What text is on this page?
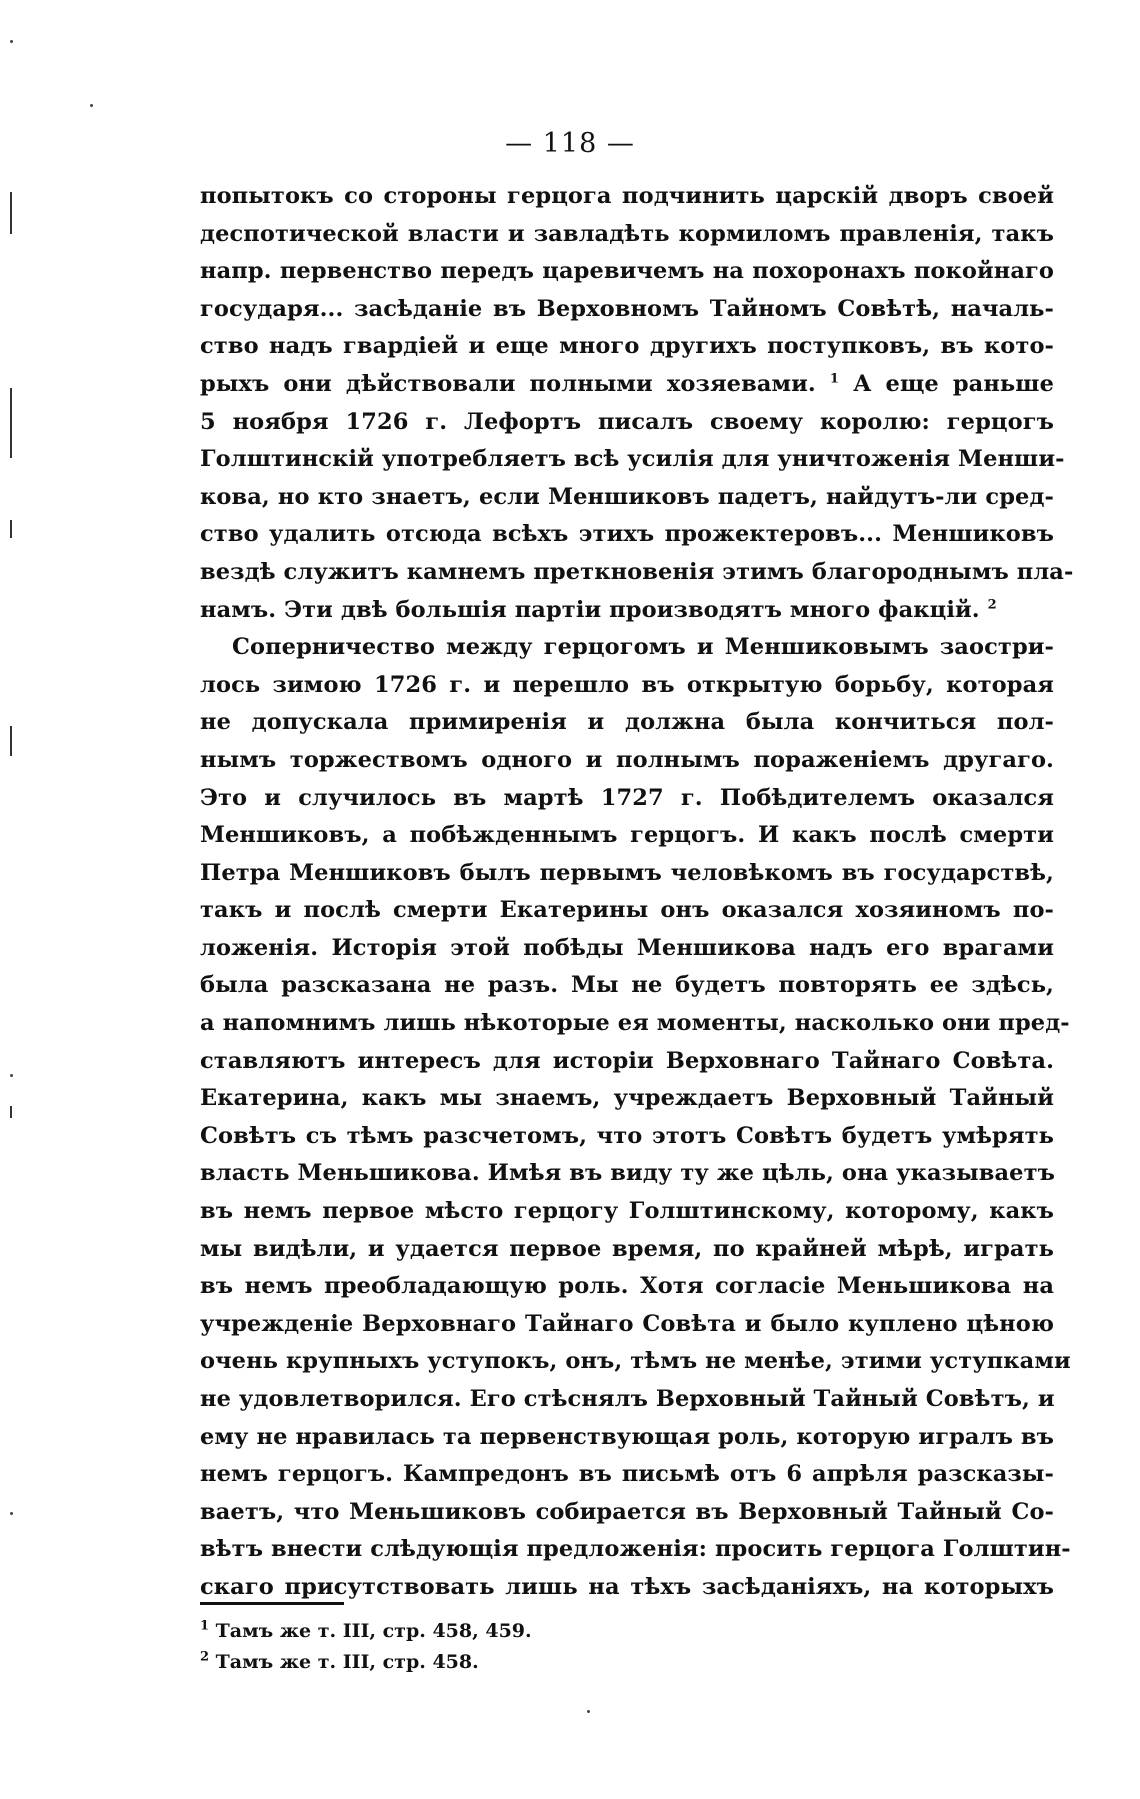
— 118 —
попытокъ со стороны герцога подчинить царскій дворъ своей
деспотической власти и завладѣть кормиломъ правленія, такъ
напр. первенство передъ царевичемъ на похоронахъ покойнаго
государя... засѣданіе въ Верховномъ Тайномъ Совѣтѣ, началь-
ство надъ гвардіей и еще много другихъ поступковъ, въ кото-
рыхъ они дѣйствовали полными хозяевами. $^1$ А еще раньше
5 ноября 1726 г. Лефортъ писалъ своему королю: герцогъ
Голштинскій употребляетъ всѣ усилія для уничтоженія Менши-
кова, но кто знаетъ, если Меншиковъ падетъ, найдутъ-ли сред-
ство удалить отсюда всѣхъ этихъ прожектеровъ... Меншиковъ
вездѣ служитъ камнемъ преткновенія этимъ благороднымъ пла-
намъ. Эти двѣ большія партіи производятъ много факцій. $^2$
Соперничество между герцогомъ и Меншиковымъ заостри-
лось зимою 1726 г. и перешло въ открытую борьбу, которая
не допускала примиренія и должна была кончиться пол-
нымъ торжествомъ одного и полнымъ пораженіемъ другаго.
Это и случилось въ мартѣ 1727 г. Побѣдителемъ оказался
Меншиковъ, а побѣжденнымъ герцогъ. И какъ послѣ смерти
Петра Меншиковъ былъ первымъ человѣкомъ въ государствѣ,
такъ и послѣ смерти Екатерины онъ оказался хозяиномъ по-
ложенія. Исторія этой побѣды Меншикова надъ его врагами
была разсказана не разъ. Мы не будетъ повторять ее здѣсь,
а напомнимъ лишь нѣкоторые ея моменты, насколько они пред-
ставляютъ интересъ для исторіи Верховнаго Тайнаго Совѣта.
Екатерина, какъ мы знаемъ, учреждаетъ Верховный Тайный
Совѣтъ съ тѣмъ разсчетомъ, что этотъ Совѣтъ будетъ умѣрять
власть Меньшикова. Имѣя въ виду ту же цѣль, она указываетъ
въ немъ первое мѣсто герцогу Голштинскому, которому, какъ
мы видѣли, и удается первое время, по крайней мѣрѣ, играть
въ немъ преобладающую роль. Хотя согласіе Меньшикова на
учрежденіе Верховнаго Тайнаго Совѣта и было куплено цѣною
очень крупныхъ уступокъ, онъ, тѣмъ не менѣе, этими уступками
не удовлетворился. Его стѣснялъ Верховный Тайный Совѣтъ, и
ему не нравилась та первенствующая роль, которую игралъ въ
немъ герцогъ. Кампредонъ въ письмѣ отъ 6 апрѣля разсказы-
ваетъ, что Меньшиковъ собирается въ Верховный Тайный Со-
вѣтъ внести слѣдующія предложенія: просить герцога Голштин-
скаго присутствовать лишь на тѣхъ засѣданіяхъ, на которыхъ
$^1$ Тамъ же т. III, стр. 458, 459.
$^2$ Тамъ же т. III, стр. 458.
